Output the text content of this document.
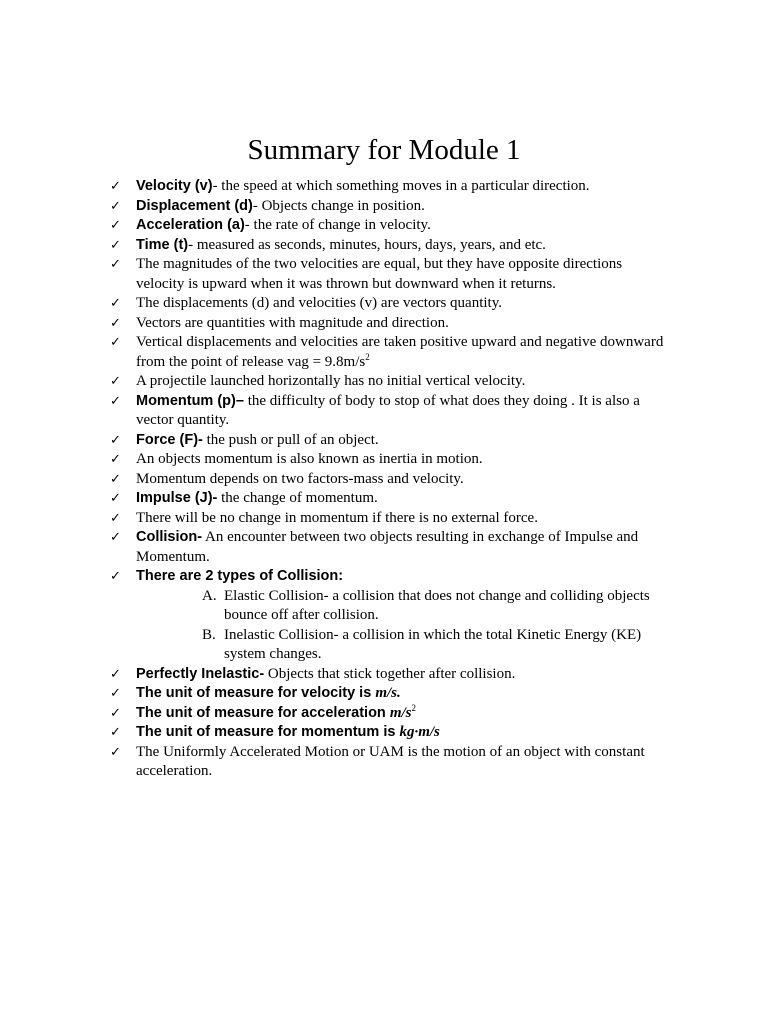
Summary for Module 1
✓	Velocity (v)- the speed at which something moves in a particular direction.
✓	Displacement (d)- Objects change in position.
✓	Acceleration (a)- the rate of change in velocity.
✓	Time (t)- measured as seconds, minutes, hours, days, years, and etc.
✓	The magnitudes of the two velocities are equal, but they have opposite directions velocity is upward when it was thrown but downward when it returns.
✓	The displacements (d) and velocities (v) are vectors quantity.
✓	Vectors are quantities with magnitude and direction.
✓	Vertical displacements and velocities are taken positive upward and negative downward from the point of release vag = $9.8m/s^2$
✓	A projectile launched horizontally has no initial vertical velocity.
✓	Momentum (p)– the difficulty of body to stop of what does they doing . It is also a vector quantity.
✓	Force (F)- the push or pull of an object.
✓	An objects momentum is also known as inertia in motion.
✓	Momentum depends on two factors-mass and velocity.
✓	Impulse (J)- the change of momentum.
✓	There will be no change in momentum if there is no external force.
✓	Collision- An encounter between two objects resulting in exchange of Impulse and Momentum.
✓	There are 2 types of Collision:
A. Elastic Collision- a collision that does not change and colliding objects bounce off after collision.
B. Inelastic Collision- a collision in which the total Kinetic Energy (KE) system changes.
✓	Perfectly Inelastic- Objects that stick together after collision.
✓	The unit of measure for velocity is m/s.
✓	The unit of measure for acceleration $m/s^2$
✓	The unit of measure for momentum is kg·m/s
✓	The Uniformly Accelerated Motion or UAM is the motion of an object with constant acceleration.
